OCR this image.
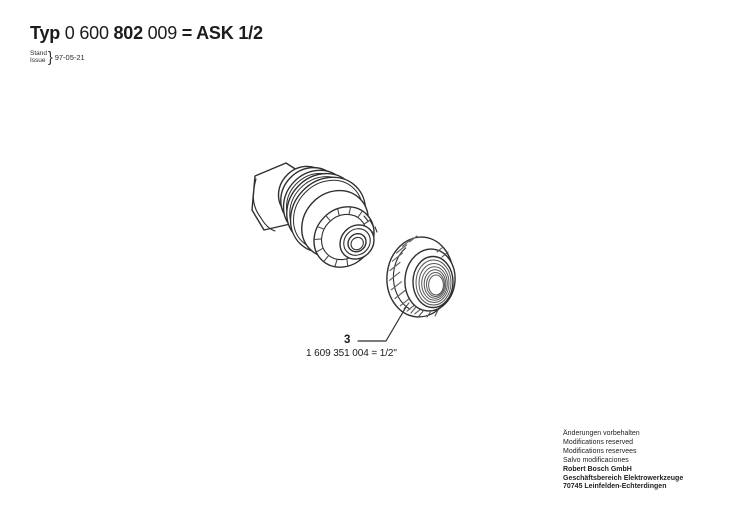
Typ 0 600 802 009 = ASK 1/2
Stand
Issue } 97-05-21
3
1 609 351 004 = 1/2"
Änderungen vorbehalten
Modifications reserved
Modifications reservees
Salvo modificaciones
Robert Bosch GmbH
Geschäftsbereich Elektrowerkzeuge
70745 Leinfelden-Echterdingen
